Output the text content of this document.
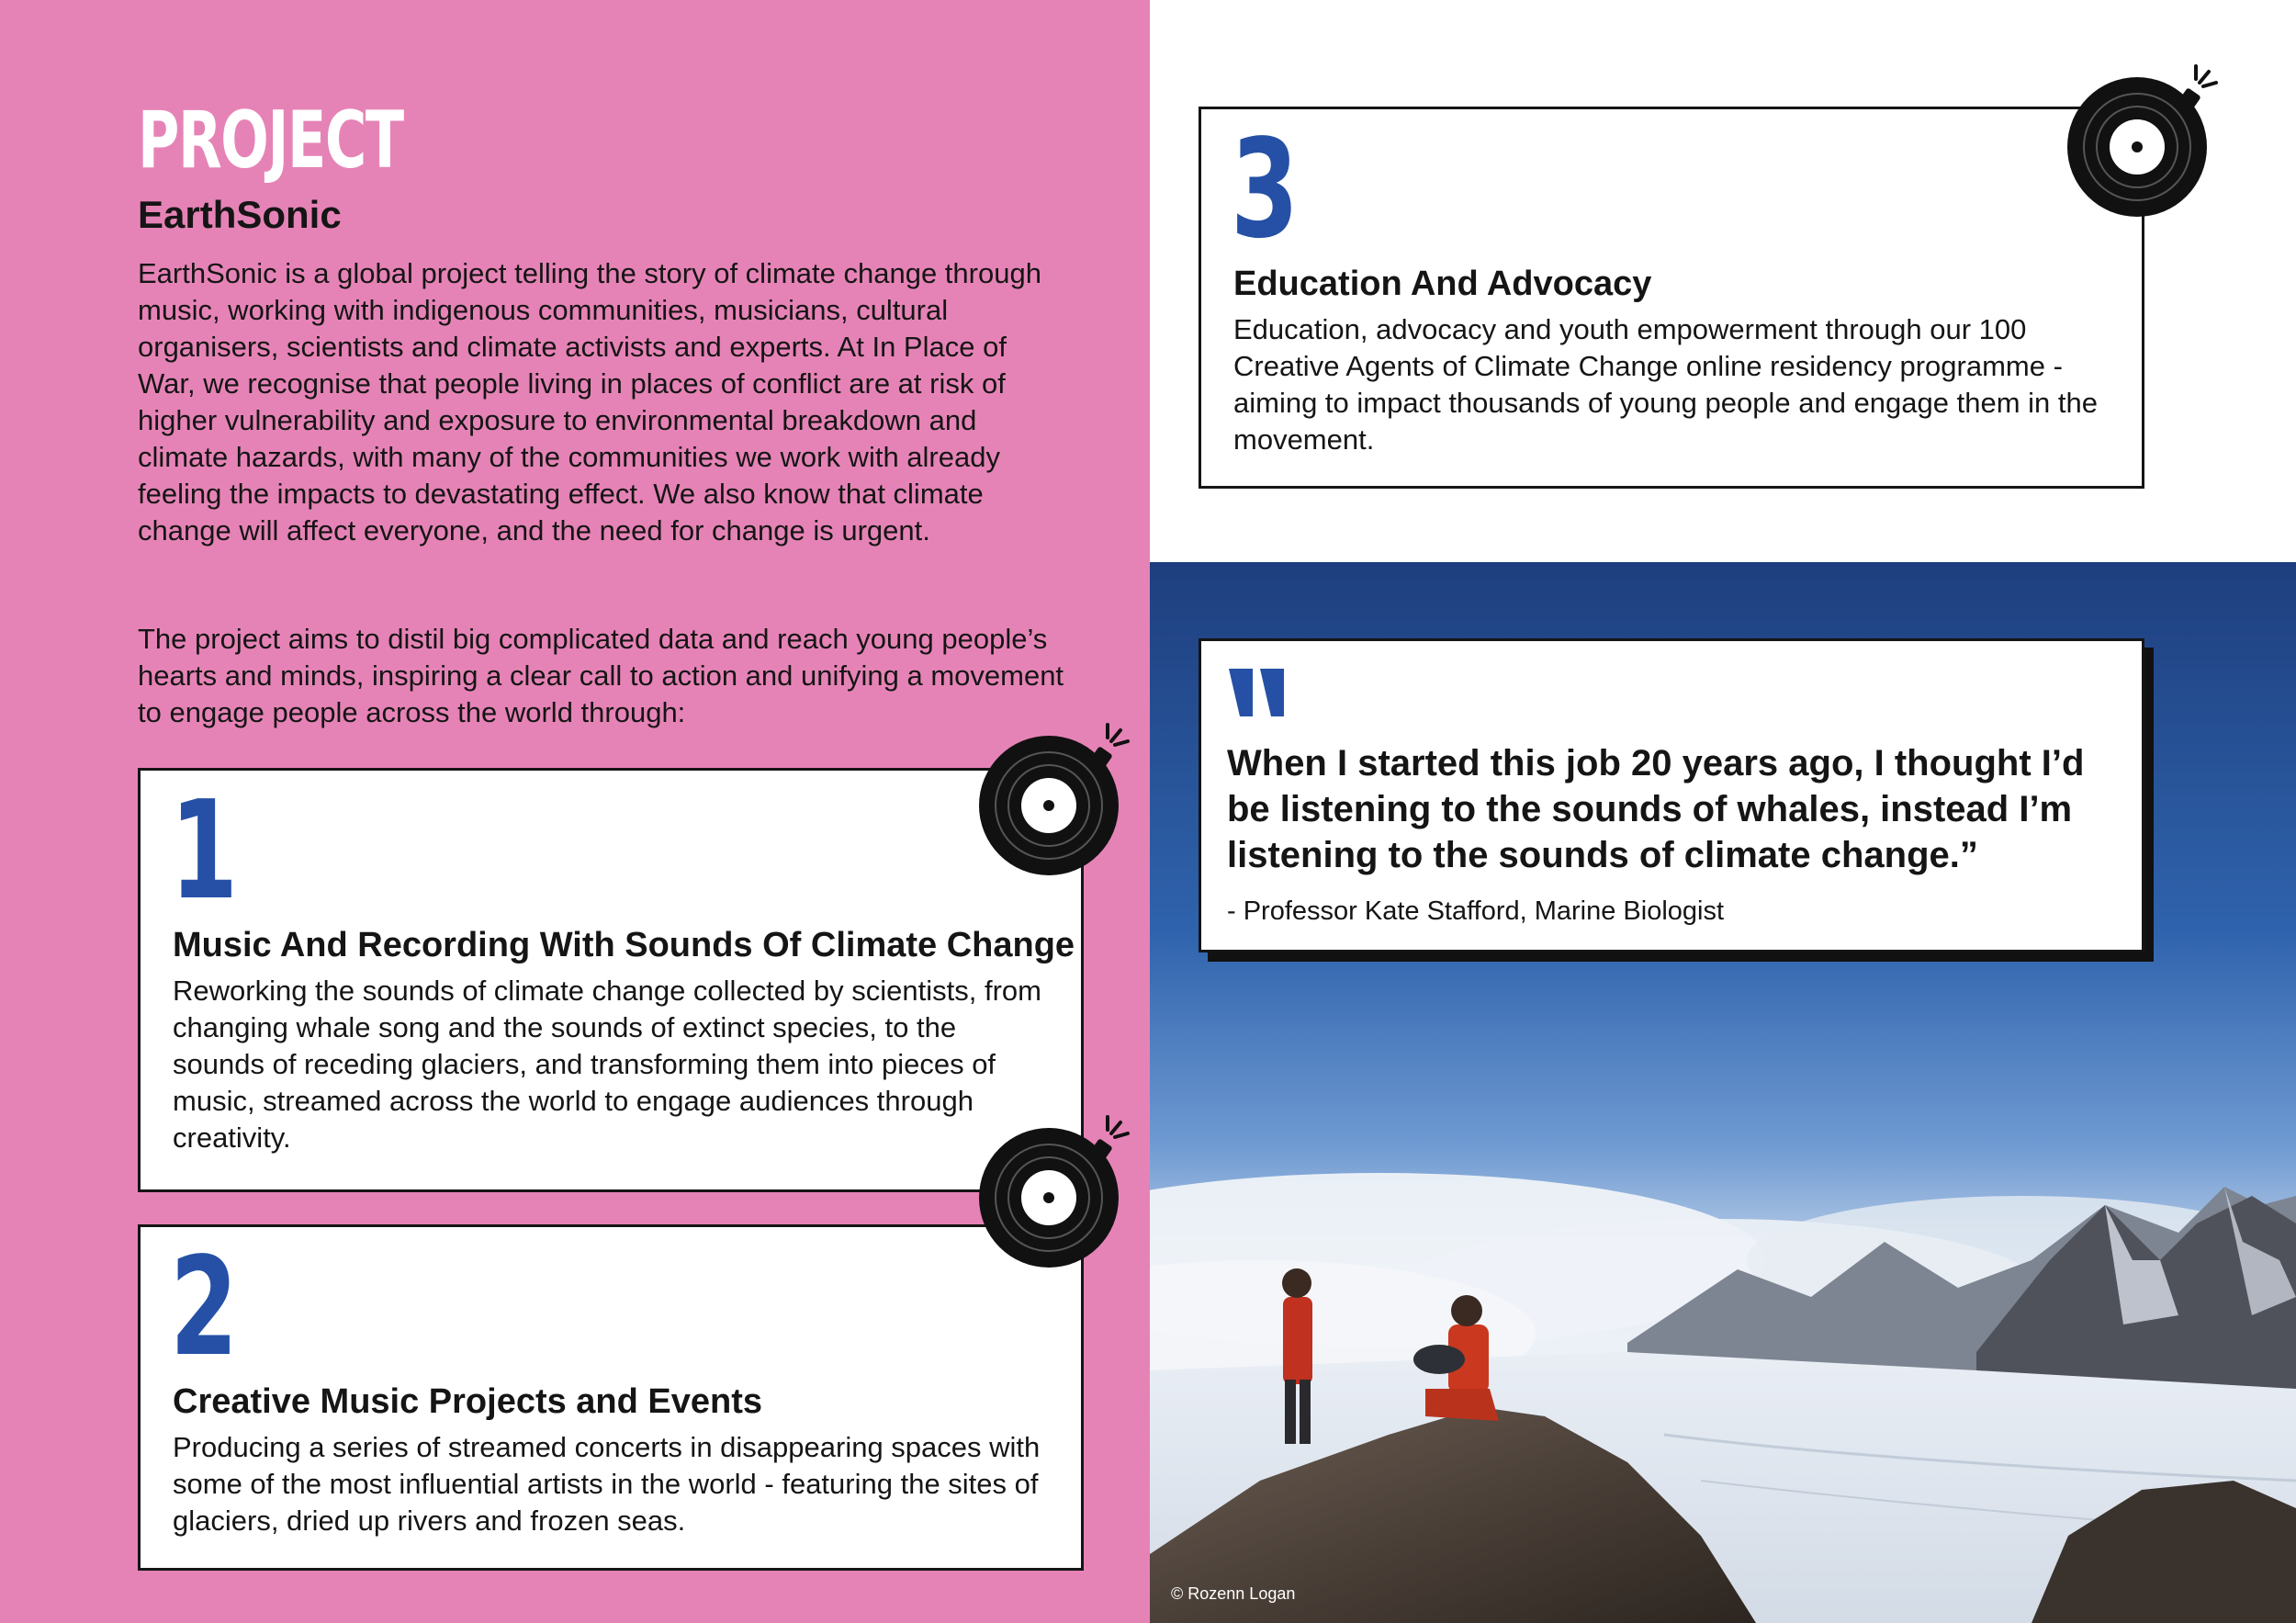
PROJECT
EarthSonic

EarthSonic is a global project telling the story of climate change through music, working with indigenous communities, musicians, cultural organisers, scientists and climate activists and experts. At In Place of War, we recognise that people living in places of conflict are at risk of higher vulnerability and exposure to environmental breakdown and climate hazards, with many of the communities we work with already feeling the impacts to devastating effect. We also know that climate change will affect everyone, and the need for change is urgent.

The project aims to distil big complicated data and reach young people’s hearts and minds, inspiring a clear call to action and unifying a movement to engage people across the world through:

1
Music And Recording With Sounds Of Climate Change

Reworking the sounds of climate change collected by scientists, from changing whale song and the sounds of extinct species, to the sounds of receding glaciers, and transforming them into pieces of music, streamed across the world to engage audiences through creativity.

2
Creative Music Projects and Events

Producing a series of streamed concerts in disappearing spaces with some of the most influential artists in the world - featuring the sites of glaciers, dried up rivers and frozen seas.

3
Education And Advocacy

Education, advocacy and youth empowerment through our 100 Creative Agents of Climate Change online residency programme - aiming to impact thousands of young people and engage them in the movement.

When I started this job 20 years ago, I thought I’d be listening to the sounds of whales, instead I’m listening to the sounds of climate change.”

- Professor Kate Stafford, Marine Biologist

© Rozenn Logan
